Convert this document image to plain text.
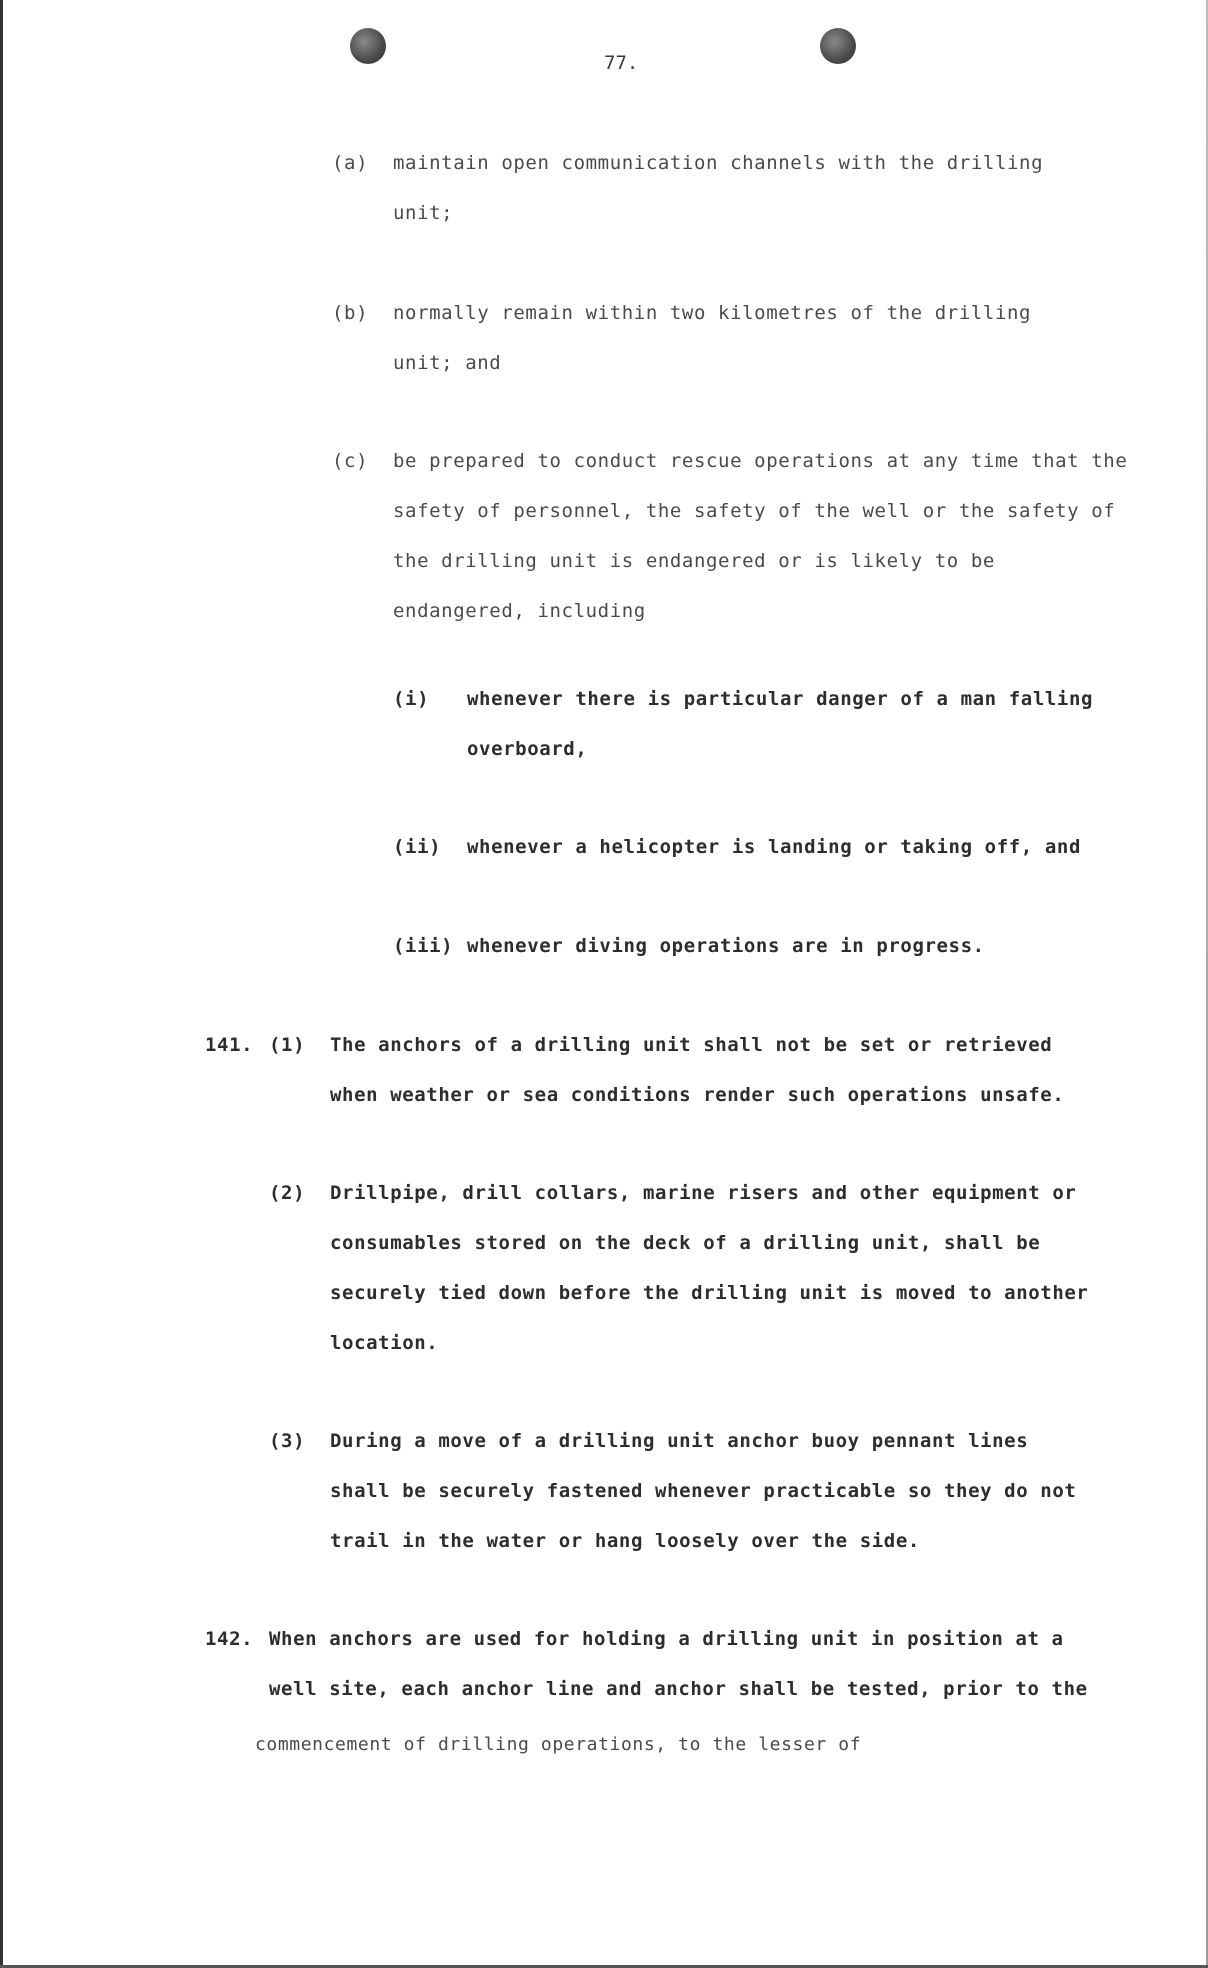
77.
(a) maintain open communication channels with the drilling
unit;
(b) normally remain within two kilometres of the drilling
unit; and
(c) be prepared to conduct rescue operations at any time that the
safety of personnel, the safety of the well or the safety of
the drilling unit is endangered or is likely to be
endangered, including
(i) whenever there is particular danger of a man falling
overboard,
(ii) whenever a helicopter is landing or taking off, and
(iii) whenever diving operations are in progress.
141. (1) The anchors of a drilling unit shall not be set or retrieved
when weather or sea conditions render such operations unsafe.
(2) Drillpipe, drill collars, marine risers and other equipment or
consumables stored on the deck of a drilling unit, shall be
securely tied down before the drilling unit is moved to another
location.
(3) During a move of a drilling unit anchor buoy pennant lines
shall be securely fastened whenever practicable so they do not
trail in the water or hang loosely over the side.
142. When anchors are used for holding a drilling unit in position at a
well site, each anchor line and anchor shall be tested, prior to the
commencement of drilling operations, to the lesser of
